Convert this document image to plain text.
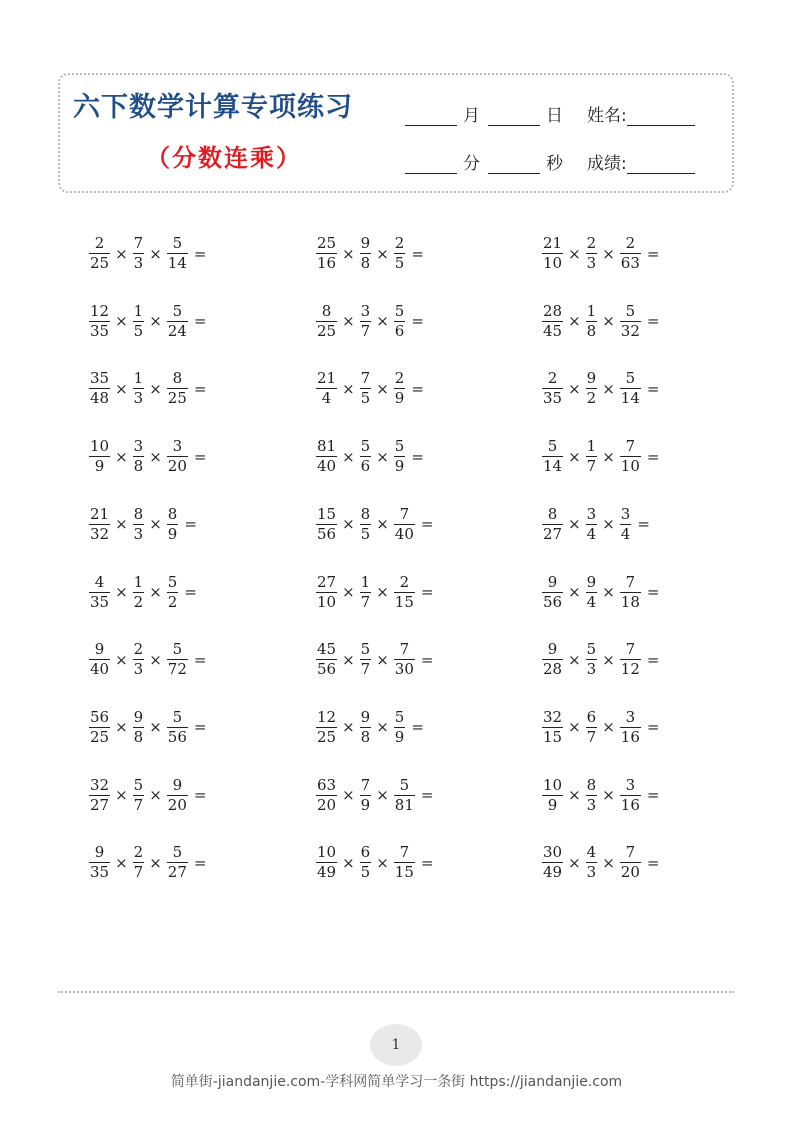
六下数学计算专项练习
（分数连乘）
月	日 姓名:
分	秒 成绩:
$\frac{2}{25} \times \frac{7}{3} \times \frac{5}{14}$ =	$\frac{25}{16} \times \frac{9}{8} \times \frac{2}{5}$ =	$\frac{21}{10} \times \frac{2}{3} \times \frac{2}{63}$ =
$\frac{12}{35} \times \frac{1}{5} \times \frac{5}{24}$ =	$\frac{8}{25} \times \frac{3}{7} \times \frac{5}{6}$ =	$\frac{28}{45} \times \frac{1}{8} \times \frac{5}{32}$ =
$\frac{35}{48} \times \frac{1}{3} \times \frac{8}{25}$ =	$\frac{21}{4} \times \frac{7}{5} \times \frac{2}{9}$ =	$\frac{2}{35} \times \frac{9}{2} \times \frac{5}{14}$ =
$\frac{10}{9} \times \frac{3}{8} \times \frac{3}{20}$ =	$\frac{81}{40} \times \frac{5}{6} \times \frac{5}{9}$ =	$\frac{5}{14} \times \frac{1}{7} \times \frac{7}{10}$ =
$\frac{21}{32} \times \frac{8}{3} \times \frac{8}{9}$ =	$\frac{15}{56} \times \frac{8}{5} \times \frac{7}{40}$ =	$\frac{8}{27} \times \frac{3}{4} \times \frac{3}{4}$ =
$\frac{4}{35} \times \frac{1}{2} \times \frac{5}{2}$ =	$\frac{27}{10} \times \frac{1}{7} \times \frac{2}{15}$ =	$\frac{9}{56} \times \frac{9}{4} \times \frac{7}{18}$ =
$\frac{9}{40} \times \frac{2}{3} \times \frac{5}{72}$ =	$\frac{45}{56} \times \frac{5}{7} \times \frac{7}{30}$ =	$\frac{9}{28} \times \frac{5}{3} \times \frac{7}{12}$ =
$\frac{56}{25} \times \frac{9}{8} \times \frac{5}{56}$ =	$\frac{12}{25} \times \frac{9}{8} \times \frac{5}{9}$ =	$\frac{32}{15} \times \frac{6}{7} \times \frac{3}{16}$ =
$\frac{32}{27} \times \frac{5}{7} \times \frac{9}{20}$ =	$\frac{63}{20} \times \frac{7}{9} \times \frac{5}{81}$ =	$\frac{10}{9} \times \frac{8}{3} \times \frac{3}{16}$ =
$\frac{9}{35} \times \frac{2}{7} \times \frac{5}{27}$ =	$\frac{10}{49} \times \frac{6}{5} \times \frac{7}{15}$ =	$\frac{30}{49} \times \frac{4}{3} \times \frac{7}{20}$ =
1
简单街-jiandanjie.com-学科网简单学习一条街 https://jiandanjie.com
